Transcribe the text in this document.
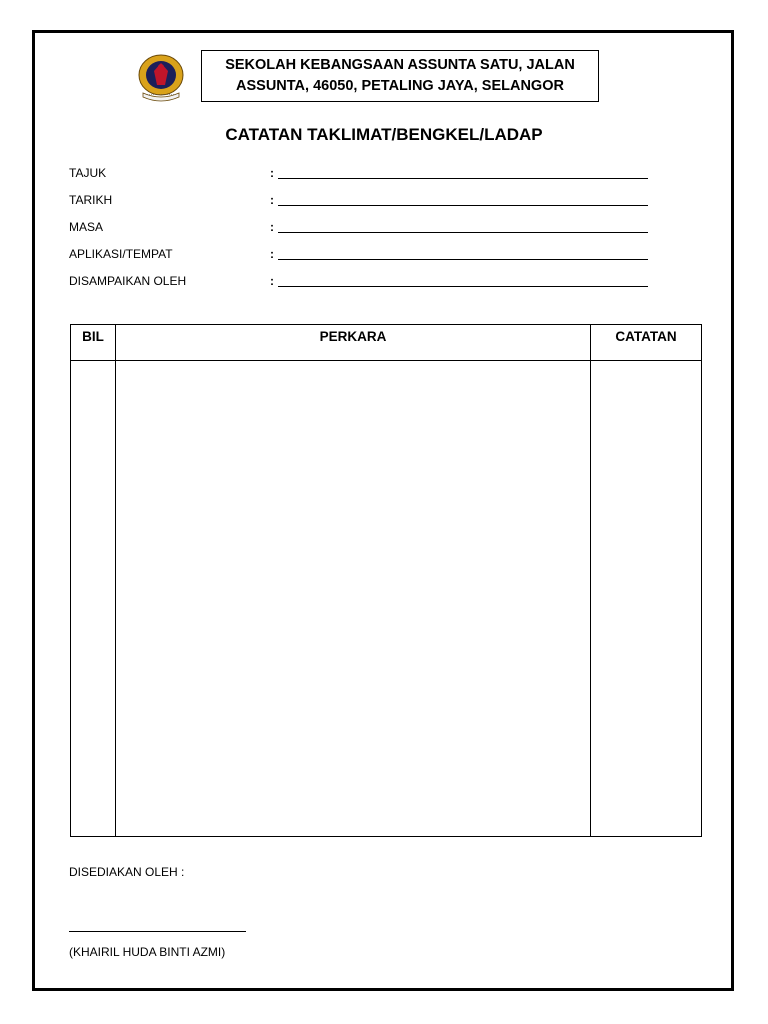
SEKOLAH KEBANGSAAN ASSUNTA SATU, JALAN
ASSUNTA, 46050, PETALING JAYA, SELANGOR
CATATAN TAKLIMAT/BENGKEL/LADAP
TAJUK	:
TARIKH	:
MASA	:
APLIKASI/TEMPAT	:
DISAMPAIKAN OLEH	:
BIL	PERKARA	CATATAN

DISEDIAKAN OLEH :
(KHAIRIL HUDA BINTI AZMI)
